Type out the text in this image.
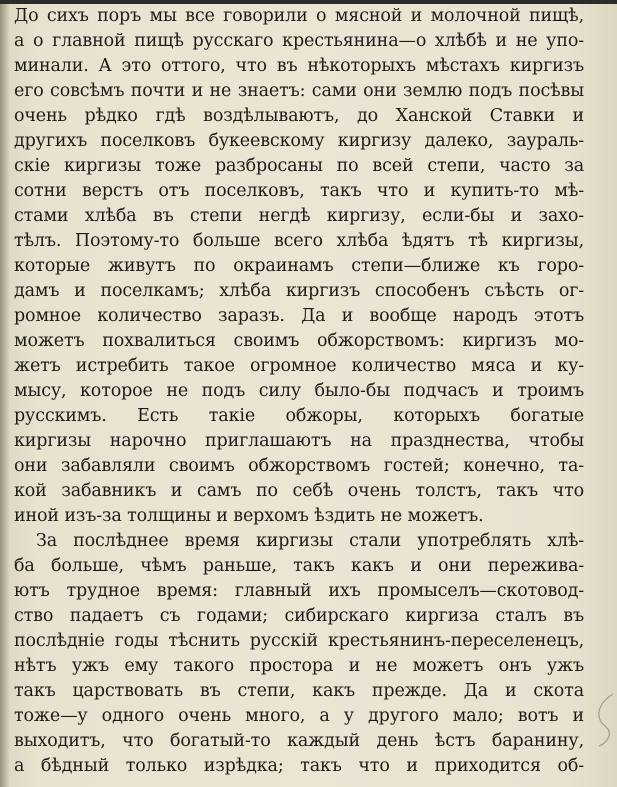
До сихъ поръ мы все говорили о мясной и молочной пищѣ,
а о главной пищѣ русскаго крестьянина—о хлѣбѣ и не упо-
минали. А это оттого, что въ нѣкоторыхъ мѣстахъ киргизъ
его совсѣмъ почти и не знаетъ: сами они землю подъ посѣвы
очень рѣдко гдѣ воздѣлываютъ, до Ханской Ставки и
другихъ поселковъ букеевскому киргизу далеко, заураль-
скіе киргизы тоже разбросаны по всей степи, часто за
сотни верстъ отъ поселковъ, такъ что и купить-то мѣ-
стами хлѣба въ степи негдѣ киргизу, если-бы и захо-
тѣлъ. Поэтому-то больше всего хлѣба ѣдятъ тѣ киргизы,
которые живутъ по окраинамъ степи—ближе къ горо-
дамъ и поселкамъ; хлѣба киргизъ способенъ съѣсть ог-
ромное количество заразъ. Да и вообще народъ этотъ
можетъ похвалиться своимъ обжорствомъ: киргизъ мо-
жетъ истребить такое огромное количество мяса и ку-
мысу, которое не подъ силу было-бы подчасъ и троимъ
русскимъ. Есть такіе обжоры, которыхъ богатые
киргизы нарочно приглашаютъ на празднества, чтобы
они забавляли своимъ обжорствомъ гостей; конечно, та-
кой забавникъ и самъ по себѣ очень толстъ, такъ что
иной изъ-за толщины и верхомъ ѣздить не можетъ.
За послѣднее время киргизы стали употреблять хлѣ-
ба больше, чѣмъ раньше, такъ какъ и они пережива-
ютъ трудное время: главный ихъ промыселъ—скотовод-
ство падаетъ съ годами; сибирскаго киргиза сталъ въ
послѣдніе годы тѣснить русскій крестьянинъ-переселенецъ,
нѣтъ ужъ ему такого простора и не можетъ онъ ужъ
такъ царствовать въ степи, какъ прежде. Да и скота
тоже—у одного очень много, а у другого мало; вотъ и
выходитъ, что богатый-то каждый день ѣстъ баранину,
а бѣдный только изрѣдка; такъ что и приходится об-
